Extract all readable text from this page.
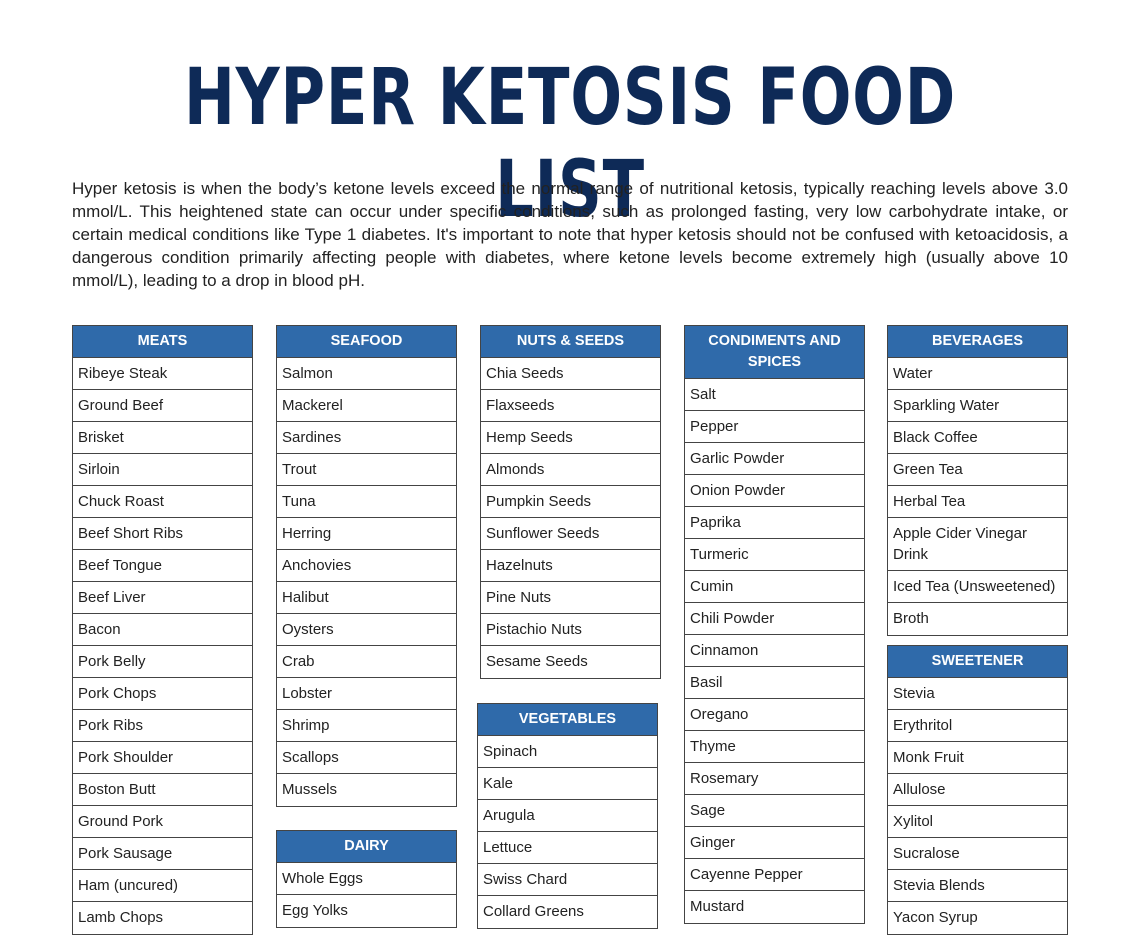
HYPER KETOSIS FOOD LIST

Hyper ketosis is when the body’s ketone levels exceed the normal range of nutritional ketosis, typically reaching levels above 3.0 mmol/L. This heightened state can occur under specific conditions, such as prolonged fasting, very low carbohydrate intake, or certain medical conditions like Type 1 diabetes. It's important to note that hyper ketosis should not be confused with ketoacidosis, a dangerous condition primarily affecting people with diabetes, where ketone levels become extremely high (usually above 10 mmol/L), leading to a drop in blood pH.

MEATS
Ribeye Steak
Ground Beef
Brisket
Sirloin
Chuck Roast
Beef Short Ribs
Beef Tongue
Beef Liver
Bacon
Pork Belly
Pork Chops
Pork Ribs
Pork Shoulder
Boston Butt
Ground Pork
Pork Sausage
Ham (uncured)
Lamb Chops
SEAFOOD
Salmon
Mackerel
Sardines
Trout
Tuna
Herring
Anchovies
Halibut
Oysters
Crab
Lobster
Shrimp
Scallops
Mussels
DAIRY
Whole Eggs
Egg Yolks
NUTS & SEEDS
Chia Seeds
Flaxseeds
Hemp Seeds
Almonds
Pumpkin Seeds
Sunflower Seeds
Hazelnuts
Pine Nuts
Pistachio Nuts
Sesame Seeds
VEGETABLES
Spinach
Kale
Arugula
Lettuce
Swiss Chard
Collard Greens
CONDIMENTS AND SPICES
Salt
Pepper
Garlic Powder
Onion Powder
Paprika
Turmeric
Cumin
Chili Powder
Cinnamon
Basil
Oregano
Thyme
Rosemary
Sage
Ginger
Cayenne Pepper
Mustard
BEVERAGES
Water
Sparkling Water
Black Coffee
Green Tea
Herbal Tea
Apple Cider Vinegar Drink
Iced Tea (Unsweetened)
Broth
SWEETENER
Stevia
Erythritol
Monk Fruit
Allulose
Xylitol
Sucralose
Stevia Blends
Yacon Syrup
